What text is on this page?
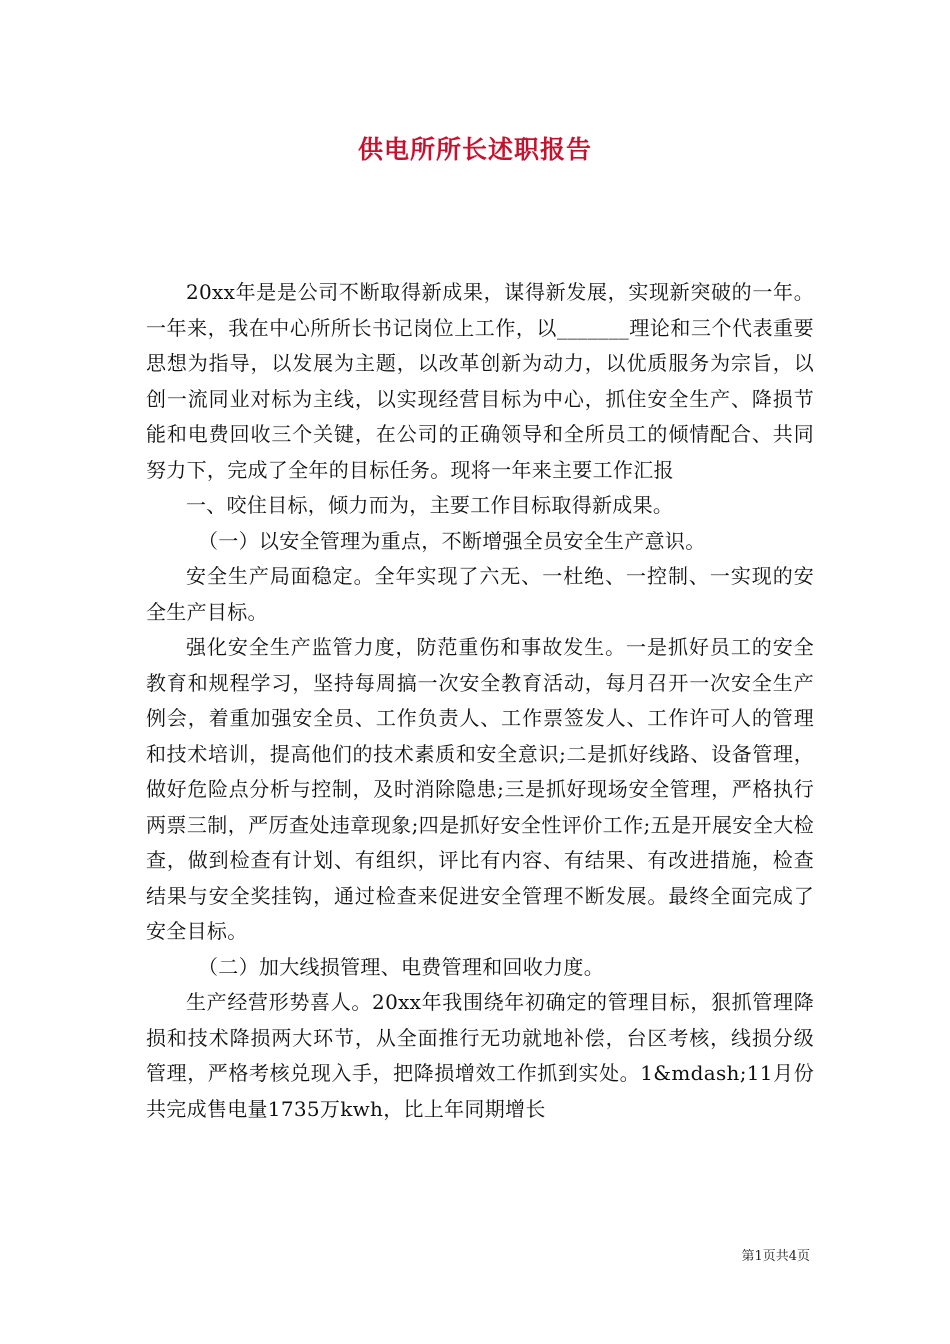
供电所所长述职报告

20xx年是是公司不断取得新成果，谋得新发展，实现新突破的一年。一年来，我在中心所所长书记岗位上工作，以_______理论和三个代表重要思想为指导，以发展为主题，以改革创新为动力，以优质服务为宗旨，以创一流同业对标为主线，以实现经营目标为中心，抓住安全生产、降损节能和电费回收三个关键，在公司的正确领导和全所员工的倾情配合、共同努力下，完成了全年的目标任务。现将一年来主要工作汇报

一、咬住目标，倾力而为，主要工作目标取得新成果。

（一）以安全管理为重点，不断增强全员安全生产意识。

安全生产局面稳定。全年实现了六无、一杜绝、一控制、一实现的安全生产目标。

强化安全生产监管力度，防范重伤和事故发生。一是抓好员工的安全教育和规程学习，坚持每周搞一次安全教育活动，每月召开一次安全生产例会，着重加强安全员、工作负责人、工作票签发人、工作许可人的管理和技术培训，提高他们的技术素质和安全意识;二是抓好线路、设备管理，做好危险点分析与控制，及时消除隐患;三是抓好现场安全管理，严格执行两票三制，严厉查处违章现象;四是抓好安全性评价工作;五是开展安全大检查，做到检查有计划、有组织，评比有内容、有结果、有改进措施，检查结果与安全奖挂钩，通过检查来促进安全管理不断发展。最终全面完成了安全目标。

（二）加大线损管理、电费管理和回收力度。

生产经营形势喜人。20xx年我围绕年初确定的管理目标，狠抓管理降损和技术降损两大环节，从全面推行无功就地补偿，台区考核，线损分级管理，严格考核兑现入手，把降损增效工作抓到实处。1&mdash;11月份共完成售电量1735万kwh，比上年同期增长

第1页共4页
